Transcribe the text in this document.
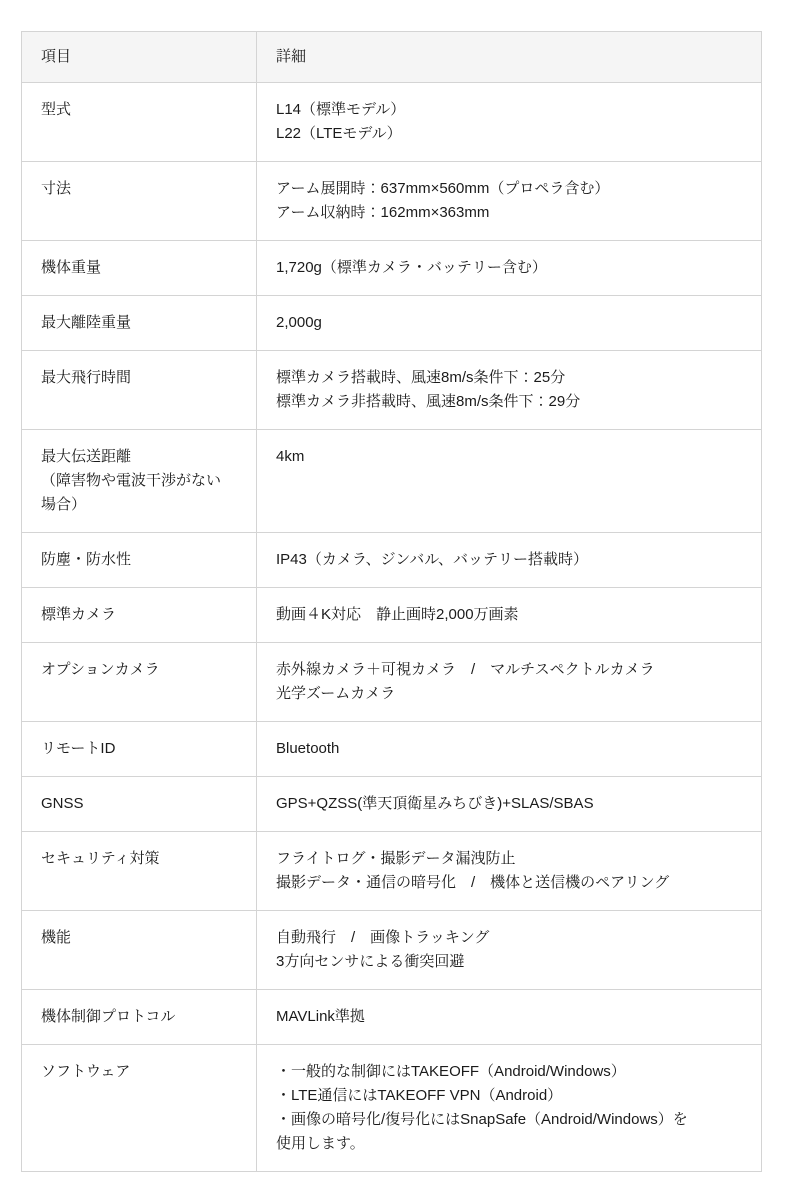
項目	詳細

型式	L14（標準モデル）
L22（LTEモデル）

寸法	アーム展開時：637mm×560mm（プロペラ含む）
アーム収納時：162mm×363mm

機体重量	1,720g（標準カメラ・バッテリー含む）

最大離陸重量	2,000g

最大飛行時間	標準カメラ搭載時、風速8m/s条件下：25分
標準カメラ非搭載時、風速8m/s条件下：29分

最大伝送距離
（障害物や電波干渉がない
場合）	4km

防塵・防水性	IP43（カメラ、ジンバル、バッテリー搭載時）

標準カメラ	動画４K対応　静止画時2,000万画素

オプションカメラ	赤外線カメラ＋可視カメラ　/　マルチスペクトルカメラ
光学ズームカメラ

リモートID	Bluetooth

GNSS	GPS+QZSS(準天頂衛星みちびき)+SLAS/SBAS

セキュリティ対策	フライトログ・撮影データ漏洩防止
撮影データ・通信の暗号化　/　機体と送信機のペアリング

機能	自動飛行　/　画像トラッキング
3方向センサによる衝突回避

機体制御プロトコル	MAVLink準拠

ソフトウェア	・一般的な制御にはTAKEOFF（Android/Windows）
・LTE通信にはTAKEOFF VPN（Android）
・画像の暗号化/復号化にはSnapSafe（Android/Windows）を
使用します。
